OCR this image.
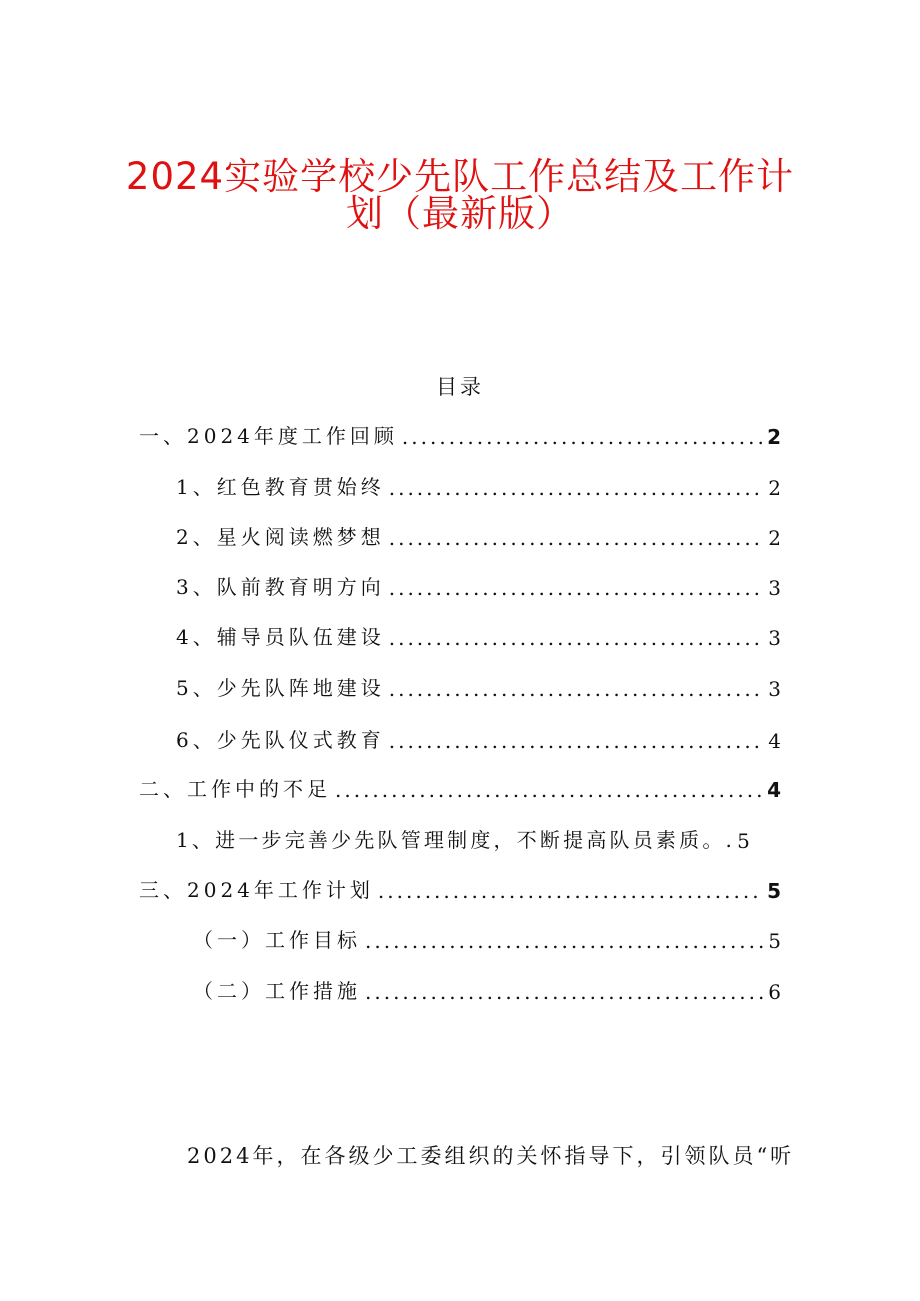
2024实验学校少先队工作总结及工作计
划（最新版）
目录
一、2024年度工作回顾 .....	2
1、红色教育贯始终 .....	2
2、星火阅读燃梦想 .....	2
3、队前教育明方向 .....	3
4、辅导员队伍建设 .....	3
5、少先队阵地建设 .....	3
6、少先队仪式教育 .....	4
二、工作中的不足 .....	4
1、进一步完善少先队管理制度，不断提高队员素质。. 5
三、2024年工作计划 .....	5
（一）工作目标 .....	5
（二）工作措施 .....	6
2024年，在各级少工委组织的关怀指导下，引领队员“听
